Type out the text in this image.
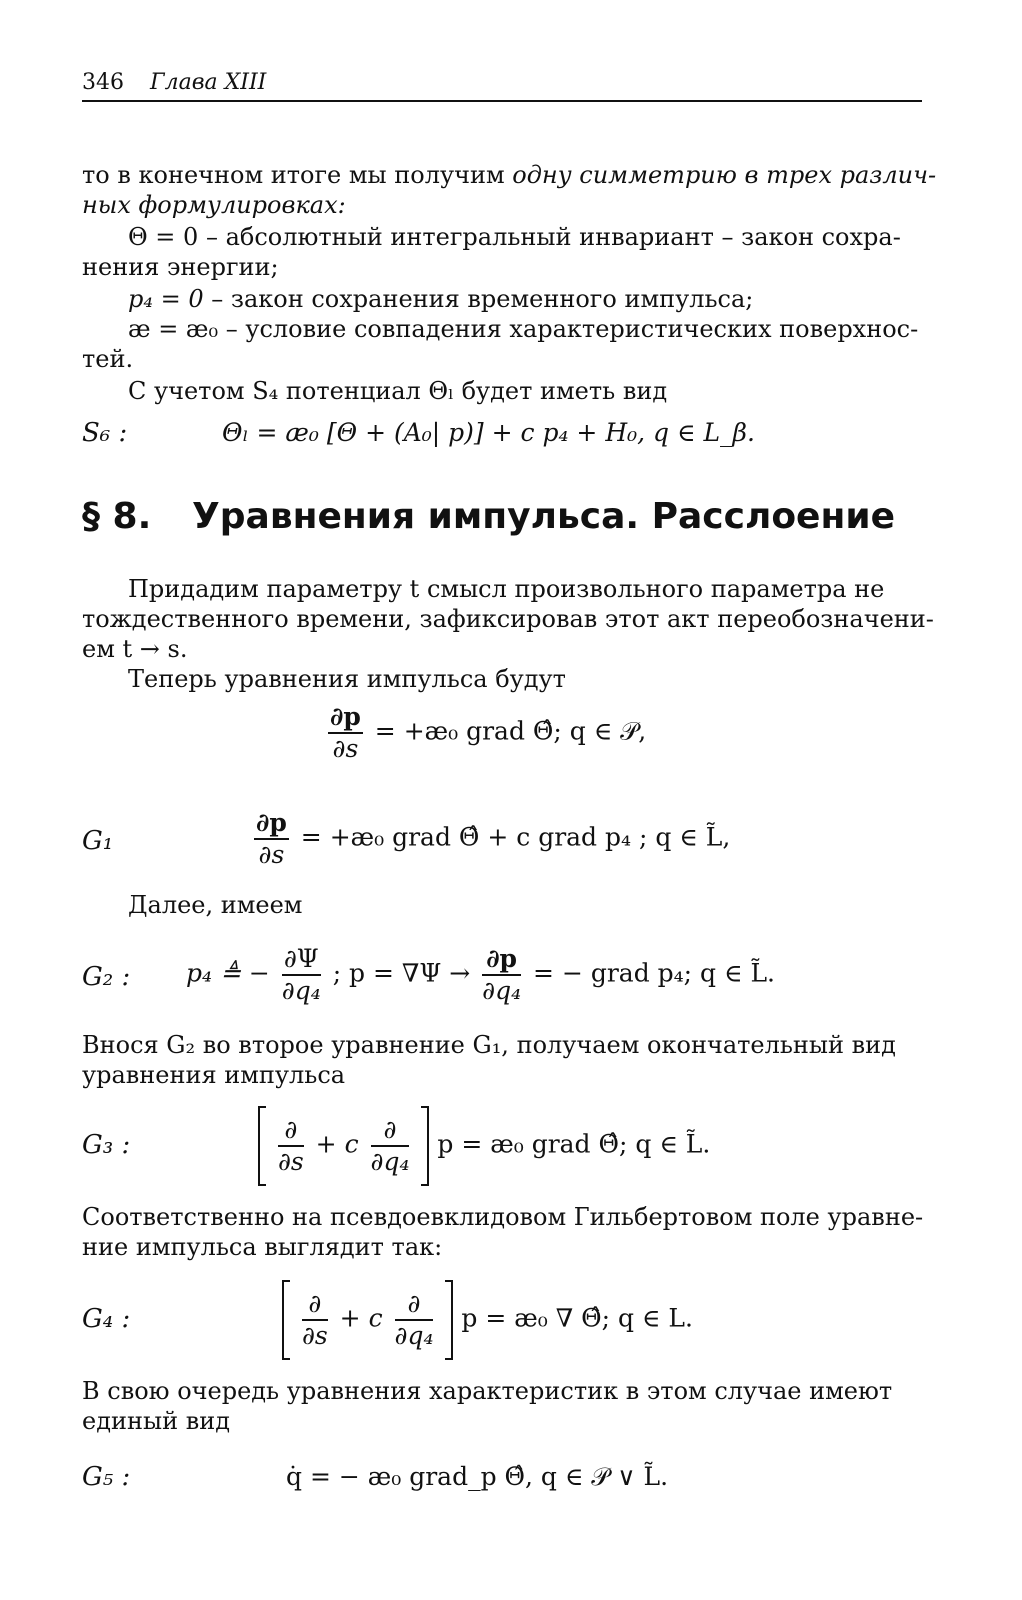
346 Глава XIII
то в конечном итоге мы получим одну симметрию в трех различ-
ных формулировках:
Θ = 0 – абсолютный интегральный инвариант – закон сохра-
нения энергии;
p₄ = 0 – закон сохранения временного импульса;
æ = æ₀ – условие совпадения характеристических поверхнос-
тей.
С учетом S₄ потенциал Θₗ будет иметь вид
S₆ :	Θₗ = æ₀ [Θ + (A₀| p)] + c p₄ + H₀, q ∈ L_β.
§ 8. Уравнения импульса. Расслоение
Придадим параметру t смысл произвольного параметра не
тождественного времени, зафиксировав этот акт переобозначени-
ем t → s.
Теперь уравнения импульса будут
$\frac{\partial p}{\partial s}$ = +æ₀ grad Θ̂; q ∈ 𝒫,
G₁	$\frac{\partial p}{\partial s}$ = +æ₀ grad Θ̂ + c grad p₄ ; q ∈ L̃,
Далее, имеем
G₂ : p₄ ≜ − $\frac{\partial\Psi}{\text{∂q₄}}$ ; $p = \nabla\Psi \to \frac{\partial p}{\text{∂q₄}}$ = − grad p₄; q ∈ L̃.
Внося G₂ во второе уравнение G₁, получаем окончательный вид
уравнения импульса
G₃ :
	$\frac{\partial}{\partial s} + c \frac{\partial}{\text{∂q₄}}$ p = æ₀ grad Θ̂; q ∈ L̃.
Соответственно на псевдоевклидовом Гильбертовом поле уравне-
ние импульса выглядит так:
G₄ :
	$\frac{\partial}{\partial s} + c \frac{\partial}{\text{∂q₄}}$ p = æ₀ ∇ Θ̂; q ∈ L.
В свою очередь уравнения характеристик в этом случае имеют
единый вид
G₅ :	q̇ = − æ₀ grad_p Θ̂, q ∈ 𝒫 ∨ L̃.
